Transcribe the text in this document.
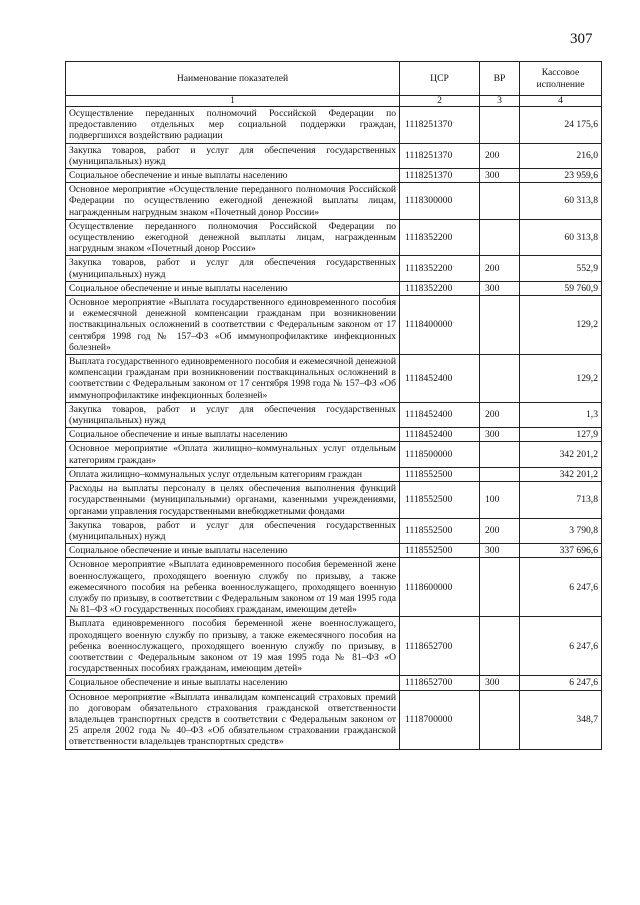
307
Наименование показателей	ЦСР	ВР	Кассовое исполнение
1	2	3	4
Осуществление переданных полномочий Российской Федерации по предоставлению отдельных мер социальной поддержки граждан, подвергшихся воздействию радиации	1118251370		24 175,6
Закупка товаров, работ и услуг для обеспечения государственных (муниципальных) нужд	1118251370	200	216,0
Социальное обеспечение и иные выплаты населению	1118251370	300	23 959,6
Основное мероприятие «Осуществление переданного полномочия Российской Федерации по осуществлению ежегодной денежной выплаты лицам, награжденным нагрудным знаком «Почетный донор России»	1118300000		60 313,8
Осуществление переданного полномочия Российской Федерации по осуществлению ежегодной денежной выплаты лицам, награжденным нагрудным знаком «Почетный донор России»	1118352200		60 313,8
Закупка товаров, работ и услуг для обеспечения государственных (муниципальных) нужд	1118352200	200	552,9
Социальное обеспечение и иные выплаты населению	1118352200	300	59 760,9
Основное мероприятие «Выплата государственного единовременного пособия и ежемесячной денежной компенсации гражданам при возникновении поствакцинальных осложнений в соответствии с Федеральным законом от 17 сентября 1998 год № 157–ФЗ «Об иммунопрофилактике инфекционных болезней»	1118400000		129,2
Выплата государственного единовременного пособия и ежемесячной денежной компенсации гражданам при возникновении поствакцинальных осложнений в соответствии с Федеральным законом от 17 сентября 1998 года № 157–ФЗ «Об иммунопрофилактике инфекционных болезней»	1118452400		129,2
Закупка товаров, работ и услуг для обеспечения государственных (муниципальных) нужд	1118452400	200	1,3
Социальное обеспечение и иные выплаты населению	1118452400	300	127,9
Основное мероприятие «Оплата жилищно–коммунальных услуг отдельным категориям граждан»	1118500000		342 201,2
Оплата жилищно–коммунальных услуг отдельным категориям граждан	1118552500		342 201,2
Расходы на выплаты персоналу в целях обеспечения выполнения функций государственными (муниципальными) органами, казенными учреждениями, органами управления государственными внебюджетными фондами	1118552500	100	713,8
Закупка товаров, работ и услуг для обеспечения государственных (муниципальных) нужд	1118552500	200	3 790,8
Социальное обеспечение и иные выплаты населению	1118552500	300	337 696,6
Основное мероприятие «Выплата единовременного пособия беременной жене военнослужащего, проходящего военную службу по призыву, а также ежемесячного пособия на ребенка военнослужащего, проходящего военную службу по призыву, в соответствии с Федеральным законом от 19 мая 1995 года № 81–ФЗ «О государственных пособиях гражданам, имеющим детей»	1118600000		6 247,6
Выплата единовременного пособия беременной жене военнослужащего, проходящего военную службу по призыву, а также ежемесячного пособия на ребенка военнослужащего, проходящего военную службу по призыву, в соответствии с Федеральным законом от 19 мая 1995 года № 81–ФЗ «О государственных пособиях гражданам, имеющим детей»	1118652700		6 247,6
Социальное обеспечение и иные выплаты населению	1118652700	300	6 247,6
Основное мероприятие «Выплата инвалидам компенсаций страховых премий по договорам обязательного страхования гражданской ответственности владельцев транспортных средств в соответствии с Федеральным законом от 25 апреля 2002 года № 40–ФЗ «Об обязательном страховании гражданской ответственности владельцев транспортных средств»	1118700000		348,7
